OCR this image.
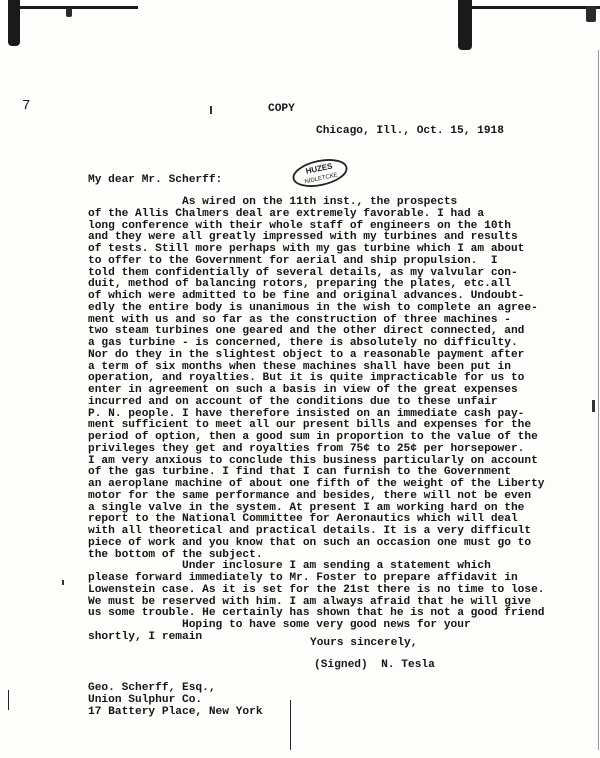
7	COPY
Chicago, Ill., Oct. 15, 1918
HUZES
NIDLETCKE
My dear Mr. Scherff:
As wired on the 11th inst., the prospects
of the Allis Chalmers deal are extremely favorable. I had a
long conference with their whole staff of engineers on the 10th
and they were all greatly impressed with my turbines and results
of tests. Still more perhaps with my gas turbine which I am about
to offer to the Government for aerial and ship propulsion.  I
told them confidentially of several details, as my valvular con-
duit, method of balancing rotors, preparing the plates, etc.all
of which were admitted to be fine and original advances. Undoubt-
edly the entire body is unanimous in the wish to complete an agree-
ment with us and so far as the construction of three machines -
two steam turbines one geared and the other direct connected, and
a gas turbine - is concerned, there is absolutely no difficulty.
Nor do they in the slightest object to a reasonable payment after
a term of six months when these machines shall have been put in
operation, and royalties. But it is quite impracticable for us to
enter in agreement on such a basis in view of the great expenses
incurred and on account of the conditions due to these unfair
P. N. people. I have therefore insisted on an immediate cash pay-
ment sufficient to meet all our present bills and expenses for the
period of option, then a good sum in proportion to the value of the
privileges they get and royalties from 75¢ to 25¢ per horsepower.
I am very anxious to conclude this business particularly on account
of the gas turbine. I find that I can furnish to the Government
an aeroplane machine of about one fifth of the weight of the Liberty
motor for the same performance and besides, there will not be even
a single valve in the system. At present I am working hard on the
report to the National Committee for Aeronautics which will deal
with all theoretical and practical details. It is a very difficult
piece of work and you know that on such an occasion one must go to
the bottom of the subject.
Under inclosure I am sending a statement which
please forward immediately to Mr. Foster to prepare affidavit in
Lowenstein case. As it is set for the 21st there is no time to lose.
We must be reserved with him. I am always afraid that he will give
us some trouble. He certainly has shown that he is not a good friend
Hoping to have some very good news for your
shortly, I remain
Yours sincerely,
(Signed)  N. Tesla
Geo. Scherff, Esq.,
Union Sulphur Co.
17 Battery Place, New York
